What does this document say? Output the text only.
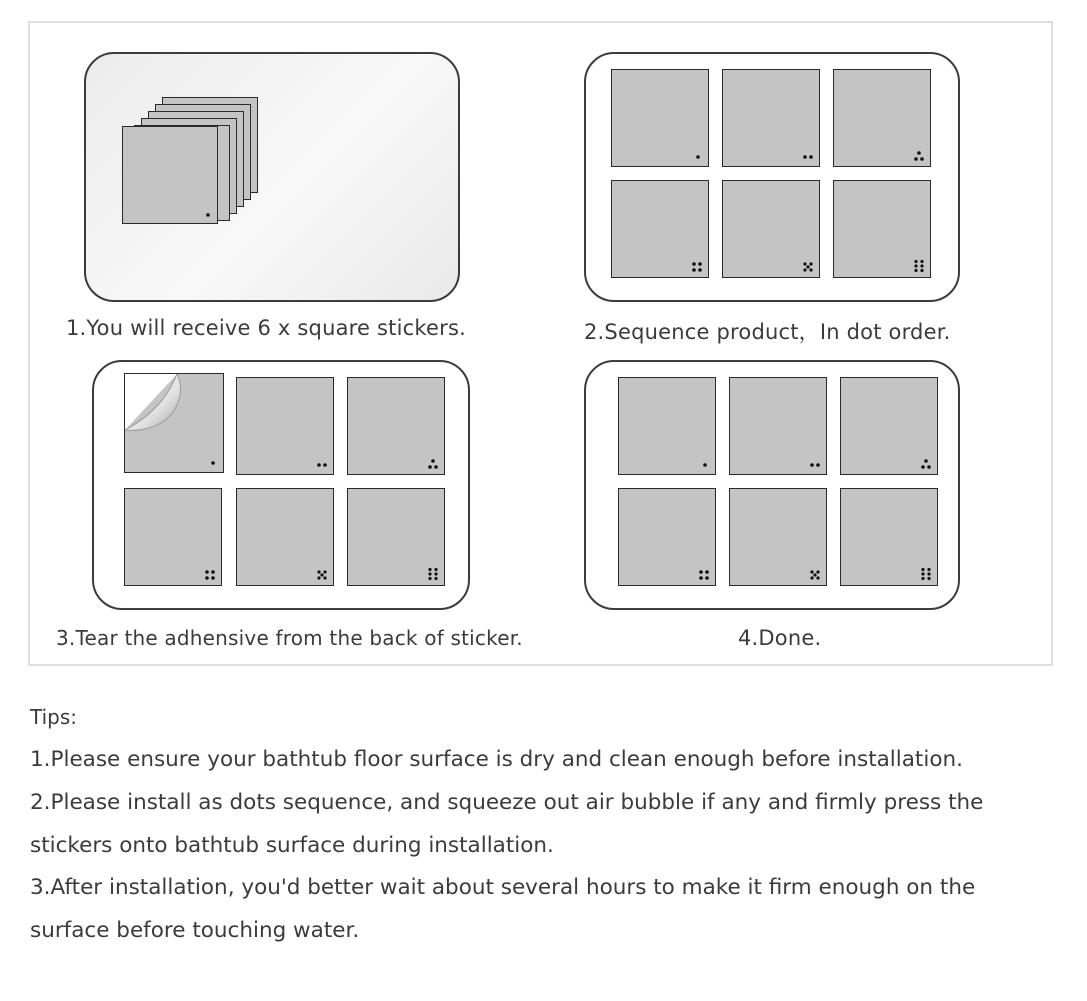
1.You will receive 6 x square stickers.	2.Sequence product，In dot order.
3.Tear the adhensive from the back of sticker.	4.Done.
Tips:
1.Please ensure your bathtub floor surface is dry and clean enough before installation.
2.Please install as dots sequence, and squeeze out air bubble if any and firmly press the
stickers onto bathtub surface during installation.
3.After installation, you'd better wait about several hours to make it firm enough on the
surface before touching water.
